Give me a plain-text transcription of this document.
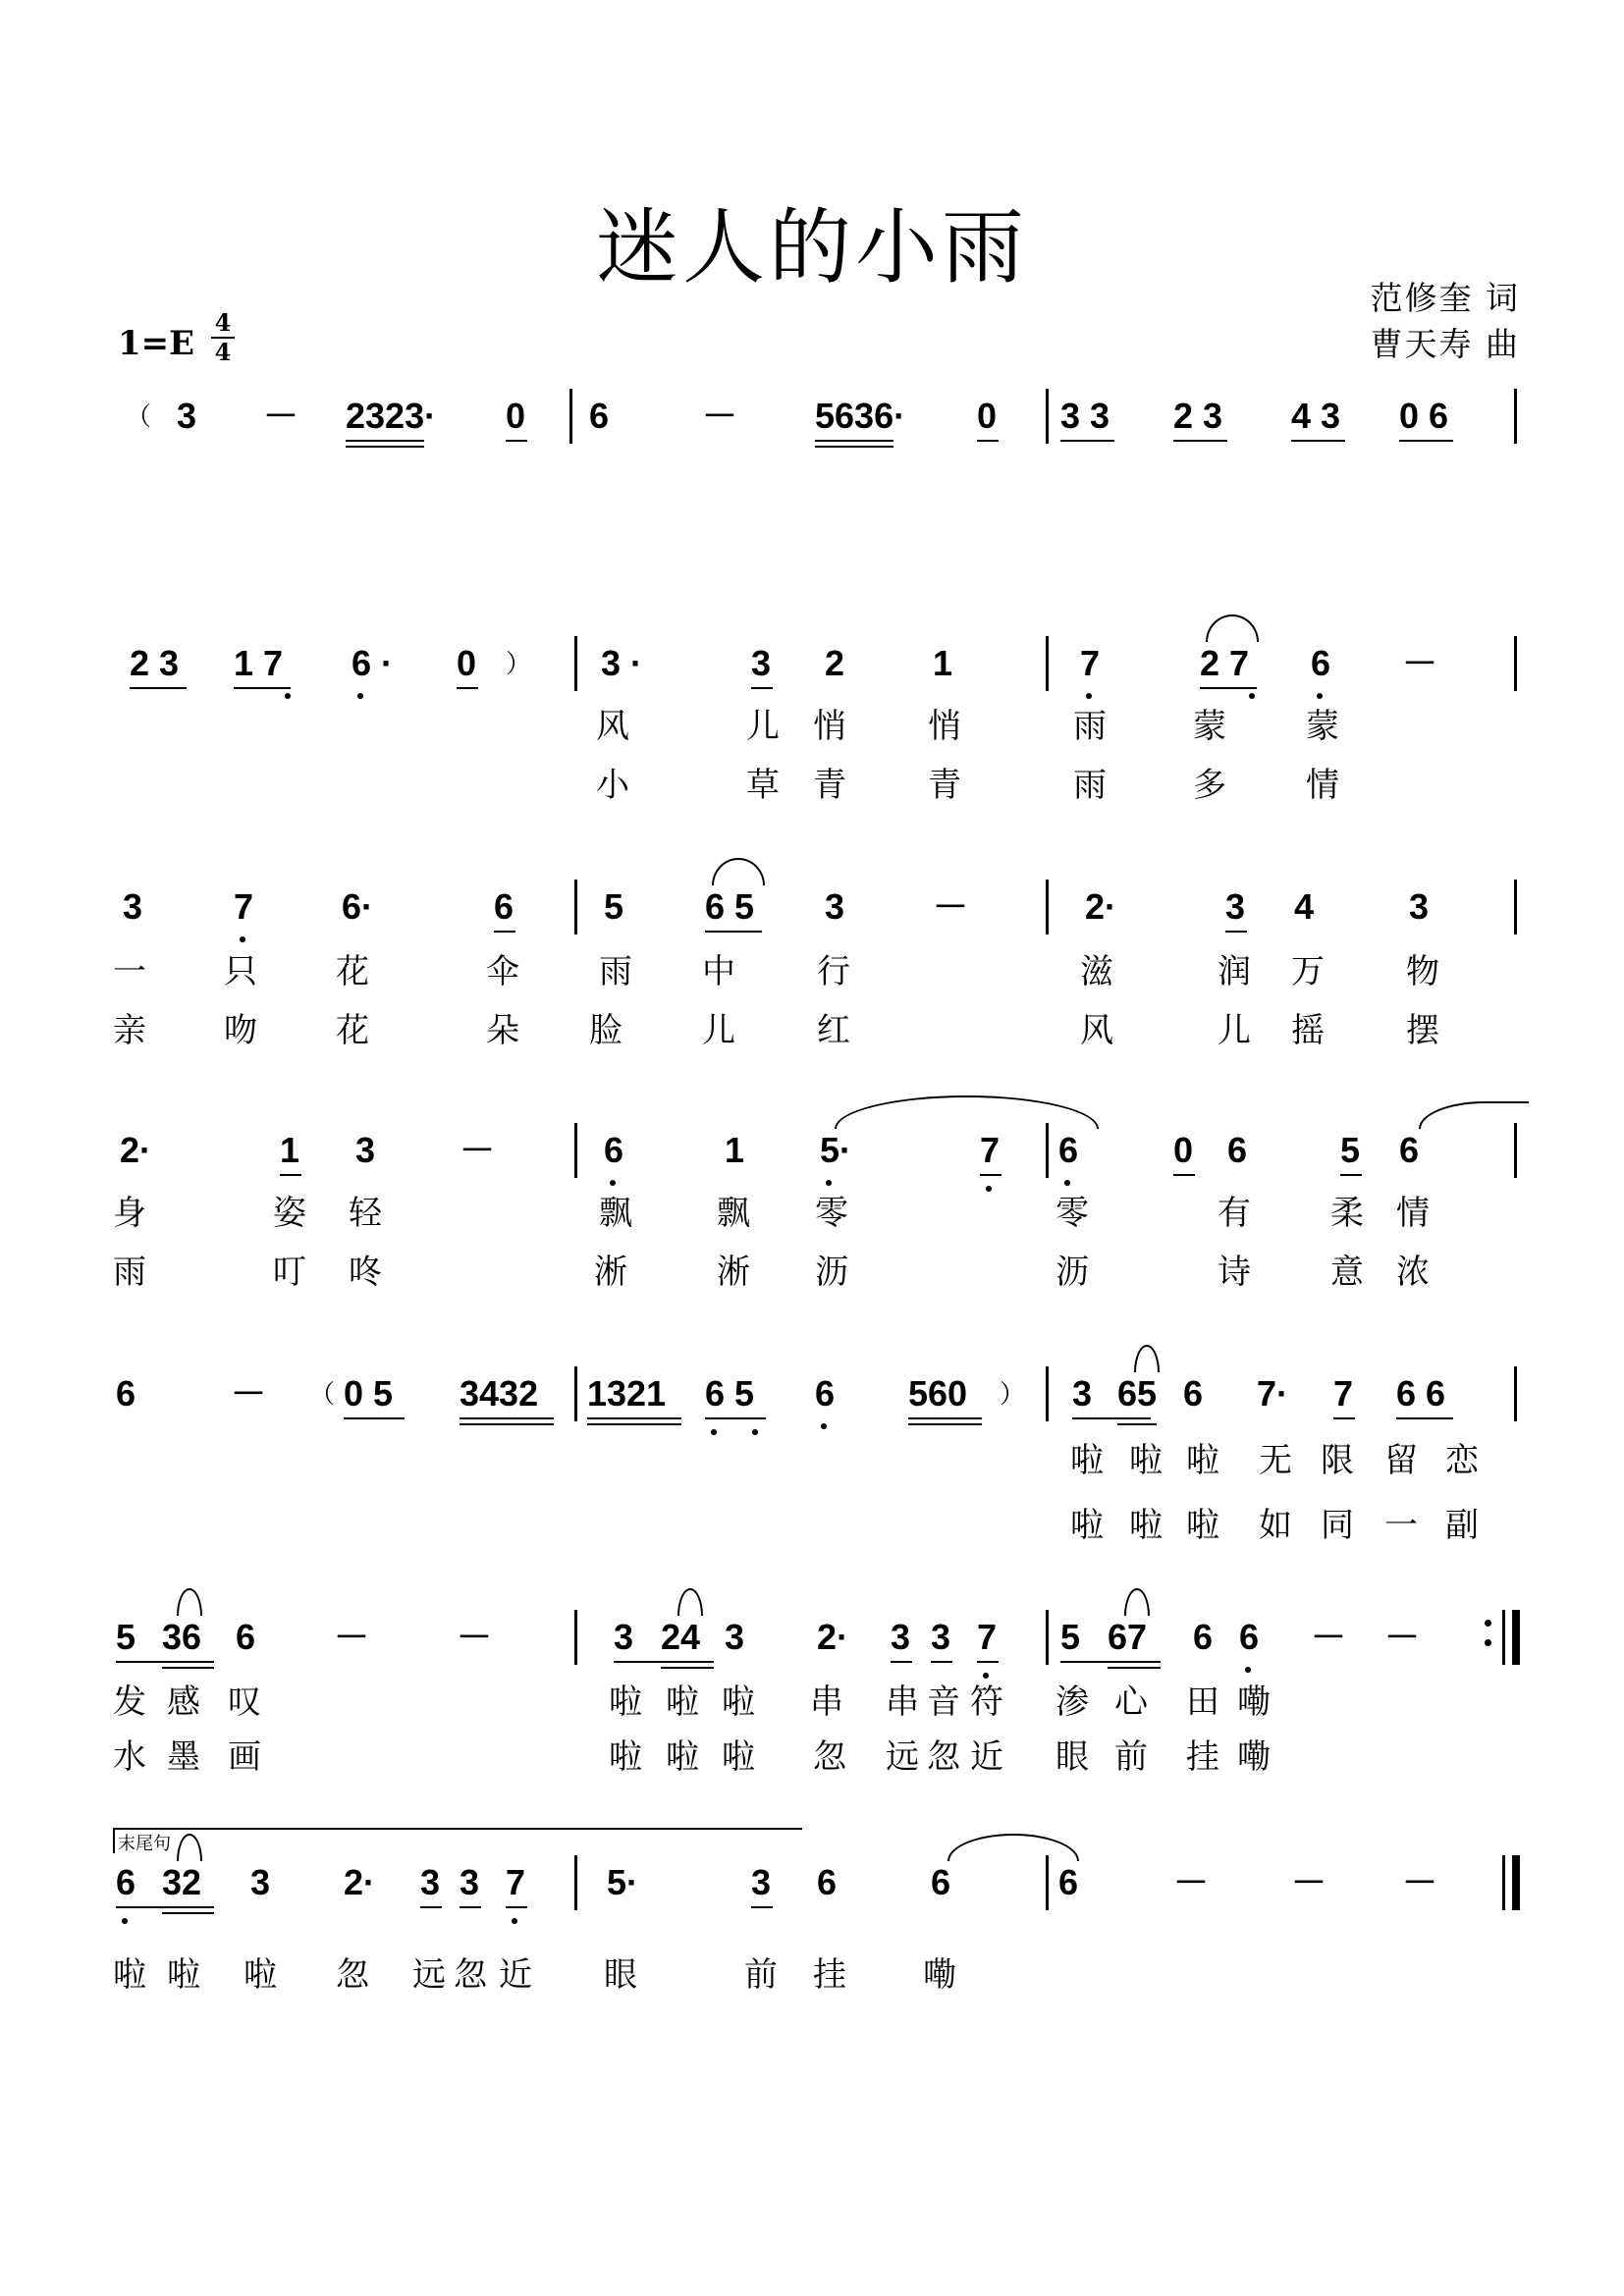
迷人的小雨
范修奎 词
曹天寿 曲
1=E
4
4
（ 3 － 2323· 0 6	－ 5636· 0 3 3 2 3 4 3 0 6
2 3 1 7 6 · 0 ） 3 ·	3 2 1	7	2 7 6 －
风	儿 悄 悄	雨	蒙 蒙
小	草 青 青	雨	多 情
3	7 6·	6	5 6 5 3 －	2·	3 4	3
一 只 花	伞 雨 中 行	滋	润 万 物
亲 吻 花	朵 脸 儿 红	风	儿 摇 摆
2·	1 3 －	6	1 5·	7 6	0 6	5 6
身	姿 轻	飘	飘 零	零	有 柔 情
雨	叮 咚	淅	淅 沥	沥	诗 意 浓
6	－ （ 0 5 3432 1321 6 5 6 560 ） 3 65 6 7· 7 6 6
啦 啦 啦 无 限 留 恋
啦 啦 啦 如 同 一 副
5 36 6 － －	3 24 3 2· 3 3 7 5 67 6 6 － －
发 感 叹	啦 啦 啦 串 串 音 符 渗 心 田 嘞
水 墨 画	啦 啦 啦 忽 远 忽 近 眼 前 挂 嘞
末尾句
6 32 3 2· 3 3 7 5·	3 6	6	6	－ － －
啦 啦 啦 忽 远 忽 近 眼	前 挂 嘞
